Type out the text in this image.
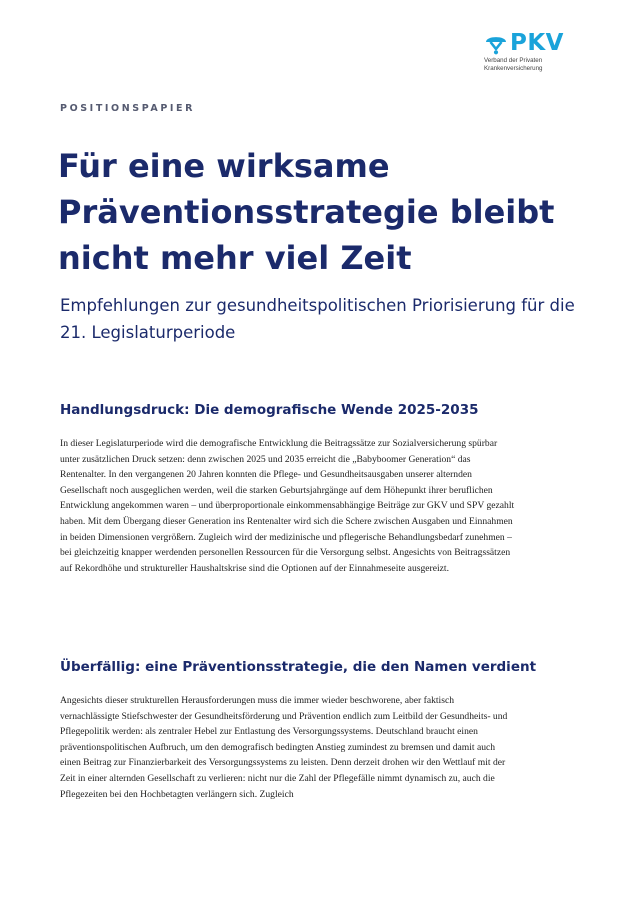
PKV
Verband der Privaten Krankenversicherung
POSITIONSPAPIER
Für eine wirksame Präventionsstrategie bleibt nicht mehr viel Zeit
Empfehlungen zur gesundheitspolitischen Priorisierung für die 21. Legislaturperiode
Handlungsdruck: Die demografische Wende 2025-2035
In dieser Legislaturperiode wird die demografische Entwicklung die Beitragssätze zur Sozialversicherung spürbar unter zusätzlichen Druck setzen: denn zwischen 2025 und 2035 erreicht die „Babyboomer Generation“ das Rentenalter. In den vergangenen 20 Jahren konnten die Pflege- und Gesundheitsausgaben unserer alternden Gesellschaft noch ausgeglichen werden, weil die starken Geburtsjahrgänge auf dem Höhepunkt ihrer beruflichen Entwicklung angekommen waren – und überproportionale einkommensabhängige Beiträge zur GKV und SPV gezahlt haben. Mit dem Übergang dieser Generation ins Rentenalter wird sich die Schere zwischen Ausgaben und Einnahmen in beiden Dimensionen vergrößern. Zugleich wird der medizinische und pflegerische Behandlungsbedarf zunehmen – bei gleichzeitig knapper werdenden personellen Ressourcen für die Versorgung selbst. Angesichts von Beitragssätzen auf Rekordhöhe und struktureller Haushaltskrise sind die Optionen auf der Einnahmeseite ausgereizt.
Überfällig: eine Präventionsstrategie, die den Namen verdient
Angesichts dieser strukturellen Herausforderungen muss die immer wieder beschworene, aber faktisch vernachlässigte Stiefschwester der Gesundheitsförderung und Prävention endlich zum Leitbild der Gesundheits- und Pflegepolitik werden: als zentraler Hebel zur Entlastung des Versorgungssystems. Deutschland braucht einen präventionspolitischen Aufbruch, um den demografisch bedingten Anstieg zumindest zu bremsen und damit auch einen Beitrag zur Finanzierbarkeit des Versorgungssystems zu leisten. Denn derzeit drohen wir den Wettlauf mit der Zeit in einer alternden Gesellschaft zu verlieren: nicht nur die Zahl der Pflegefälle nimmt dynamisch zu, auch die Pflegezeiten bei den Hochbetagten verlängern sich. Zugleich
